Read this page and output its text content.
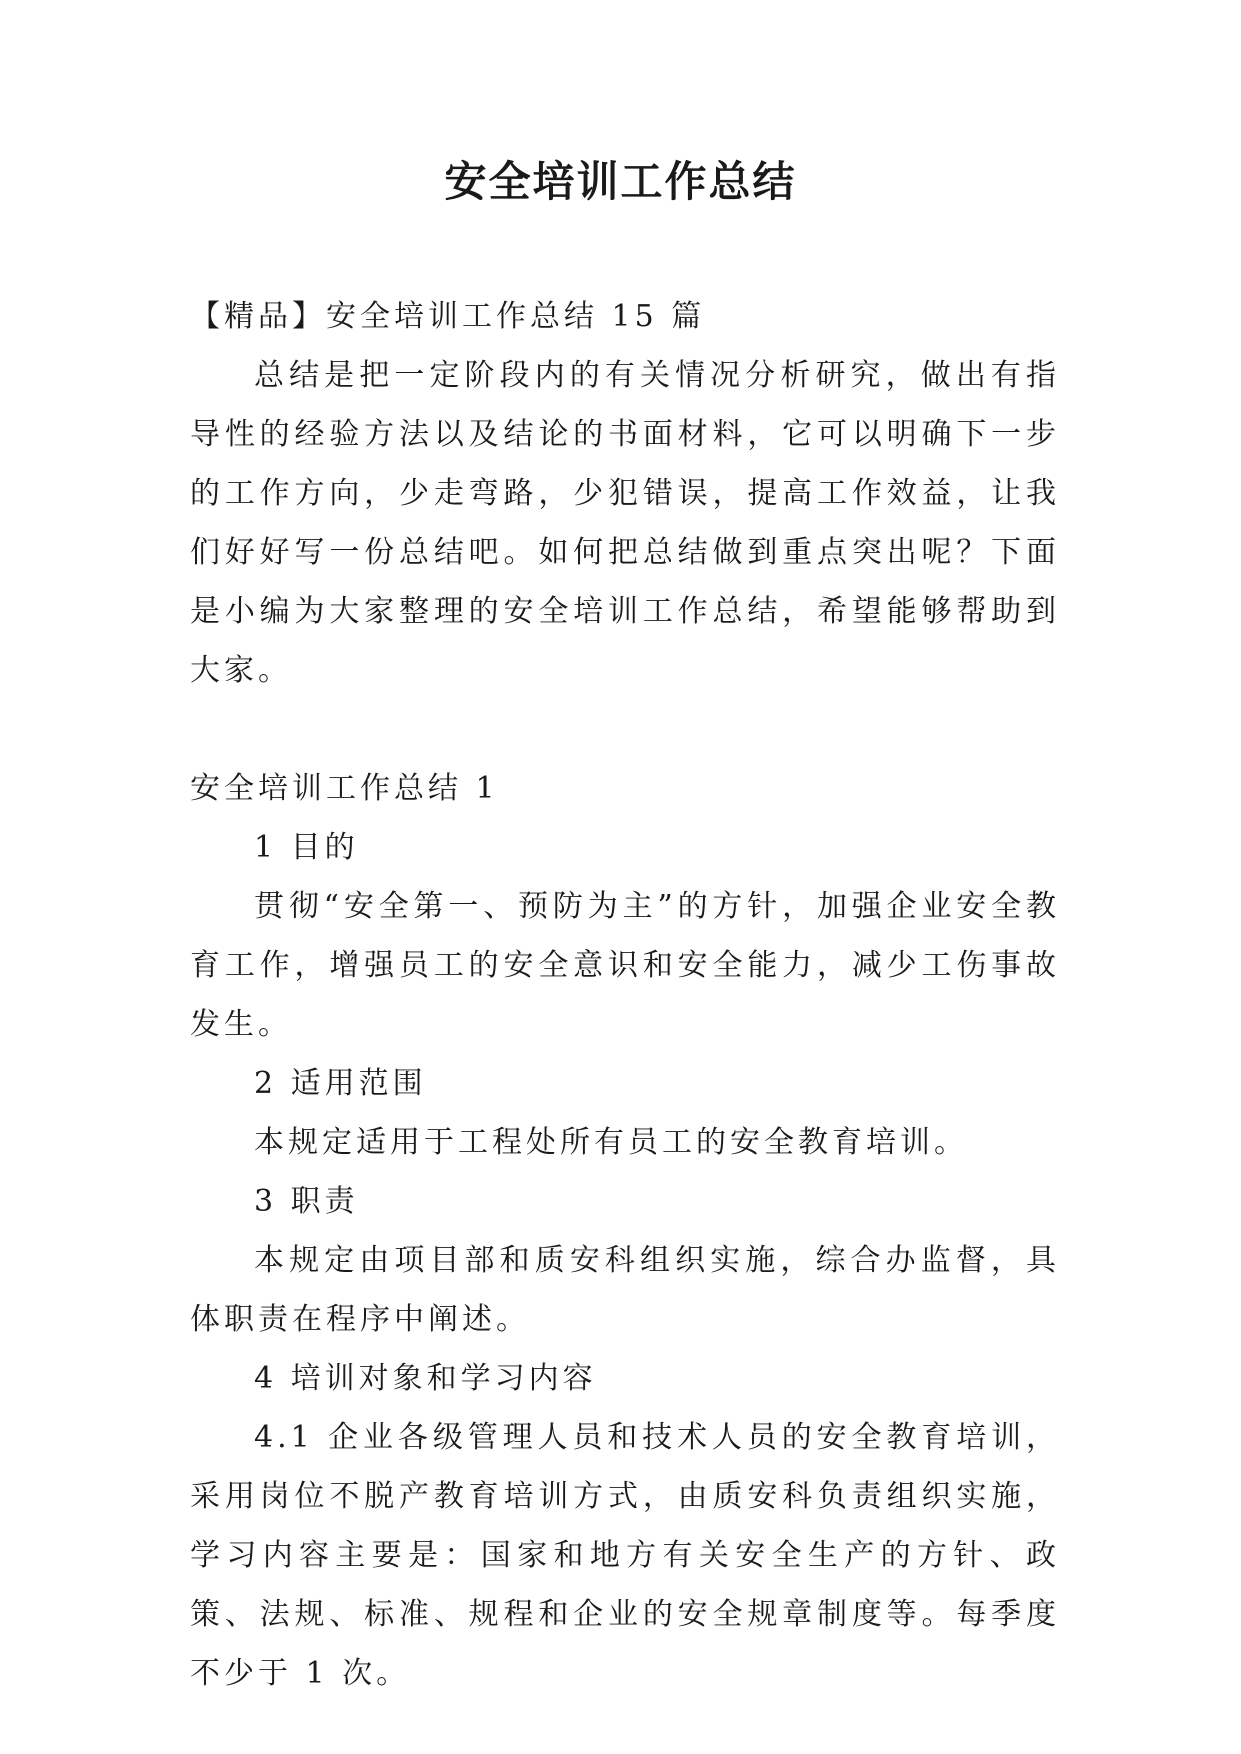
安全培训工作总结

【精品】安全培训工作总结 15 篇

总结是把一定阶段内的有关情况分析研究，做出有指导性的经验方法以及结论的书面材料，它可以明确下一步的工作方向，少走弯路，少犯错误，提高工作效益，让我们好好写一份总结吧。如何把总结做到重点突出呢？下面是小编为大家整理的安全培训工作总结，希望能够帮助到大家。

安全培训工作总结 1

1 目的

贯彻“安全第一、预防为主”的方针，加强企业安全教育工作，增强员工的安全意识和安全能力，减少工伤事故发生。

2 适用范围

本规定适用于工程处所有员工的安全教育培训。

3 职责

本规定由项目部和质安科组织实施，综合办监督，具体职责在程序中阐述。

4 培训对象和学习内容

4.1 企业各级管理人员和技术人员的安全教育培训，采用岗位不脱产教育培训方式，由质安科负责组织实施，学习内容主要是：国家和地方有关安全生产的方针、政策、法规、标准、规程和企业的安全规章制度等。每季度不少于 1 次。
